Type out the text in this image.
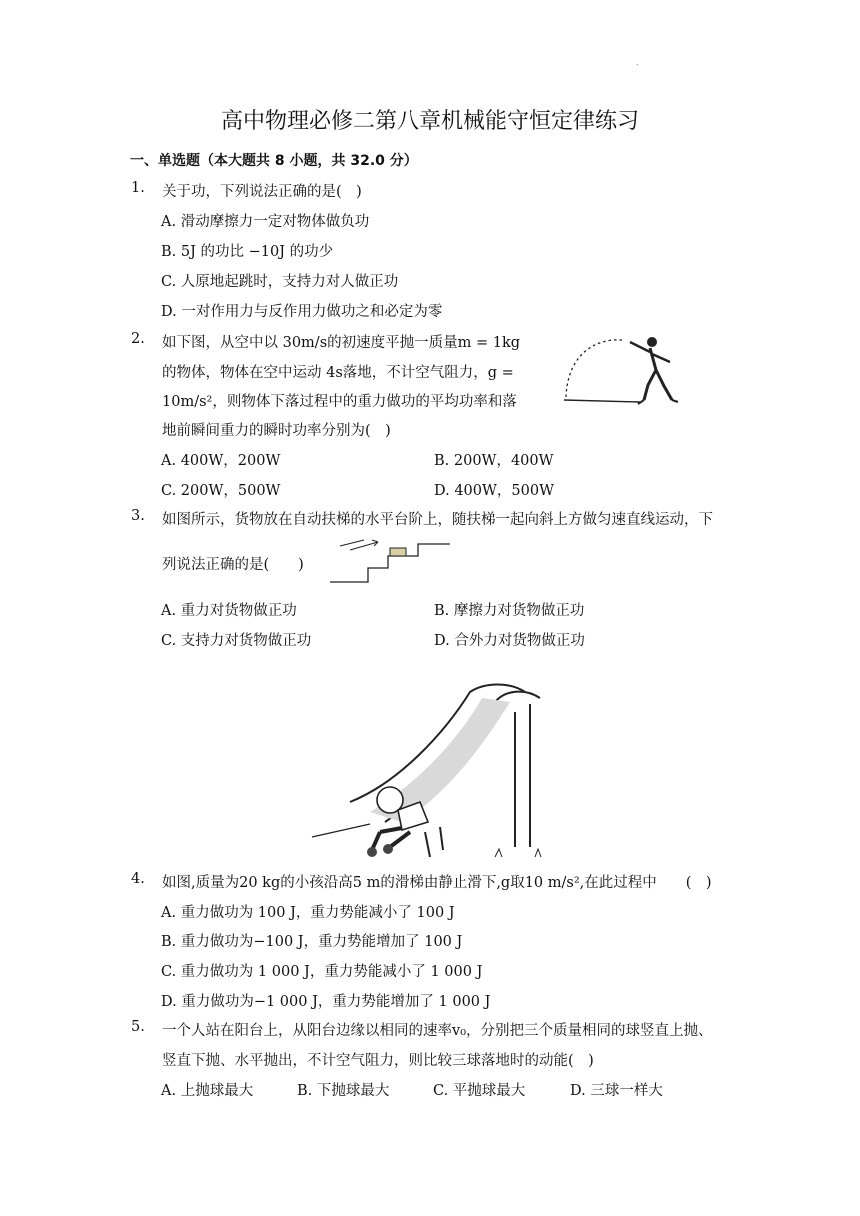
.
高中物理必修二第八章机械能守恒定律练习
一、单选题（本大题共 8 小题，共 32.0 分）
1. 关于功，下列说法正确的是(　)
A. 滑动摩擦力一定对物体做负功
B. 5J 的功比 −10J 的功少
C. 人原地起跳时，支持力对人做正功
D. 一对作用力与反作用力做功之和必定为零
2. 如下图，从空中以 30m/s的初速度平抛一质量m = 1kg
的物体，物体在空中运动 4s落地，不计空气阻力，g =
10m/s²，则物体下落过程中的重力做功的平均功率和落
地前瞬间重力的瞬时功率分别为(　)
A. 400W，200W	B. 200W，400W
C. 200W，500W	D. 400W，500W
3. 如图所示，货物放在自动扶梯的水平台阶上，随扶梯一起向斜上方做匀速直线运动，下
列说法正确的是(　　)
A. 重力对货物做正功	B. 摩擦力对货物做正功
C. 支持力对货物做正功	D. 合外力对货物做正功
4. 如图,质量为20 kg的小孩沿高5 m的滑梯由静止滑下,g取10 m/s²,在此过程中　　(　)
A. 重力做功为 100 J，重力势能减小了 100 J
B. 重力做功为−100 J，重力势能增加了 100 J
C. 重力做功为 1 000 J，重力势能减小了 1 000 J
D. 重力做功为−1 000 J，重力势能增加了 1 000 J
5. 一个人站在阳台上，从阳台边缘以相同的速率v₀，分别把三个质量相同的球竖直上抛、
竖直下抛、水平抛出，不计空气阻力，则比较三球落地时的动能(　)
A. 上抛球最大	B. 下抛球最大	C. 平抛球最大	D. 三球一样大
